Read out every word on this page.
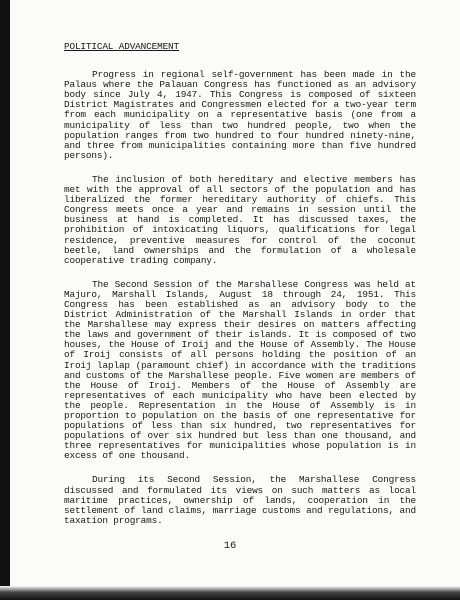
POLITICAL ADVANCEMENT

Progress in regional self-government has been made in the Palaus where the Palauan Congress has functioned as an advisory body since July 4, 1947. This Congress is composed of sixteen District Magistrates and Congressmen elected for a two-year term from each municipality on a representative basis (one from a municipality of less than two hundred people, two when the population ranges from two hundred to four hundred ninety-nine, and three from municipalities containing more than five hundred persons).

The inclusion of both hereditary and elective members has met with the approval of all sectors of the population and has liberalized the former hereditary authority of chiefs. This Congress meets once a year and remains in session until the business at hand is completed. It has discussed taxes, the prohibition of intoxicating liquors, qualifications for legal residence, preventive measures for control of the coconut beetle, land ownerships and the formulation of a wholesale cooperative trading company.

The Second Session of the Marshallese Congress was held at Majuro, Marshall Islands, August 18 through 24, 1951. This Congress has been established as an advisory body to the District Administration of the Marshall Islands in order that the Marshallese may express their desires on matters affecting the laws and government of their islands. It is composed of two houses, the House of Iroij and the House of Assembly. The House of Iroij consists of all persons holding the position of an Iroij laplap (paramount chief) in accordance with the traditions and customs of the Marshallese people. Five women are members of the House of Iroij. Members of the House of Assembly are representatives of each municipality who have been elected by the people. Representation in the House of Assembly is in proportion to population on the basis of one representative for populations of less than six hundred, two representatives for populations of over six hundred but less than one thousand, and three representatives for municipalities whose population is in excess of one thousand.

During its Second Session, the Marshallese Congress discussed and formulated its views on such matters as local maritime practices, ownership of lands, cooperation in the settlement of land claims, marriage customs and regulations, and taxation programs.

16
